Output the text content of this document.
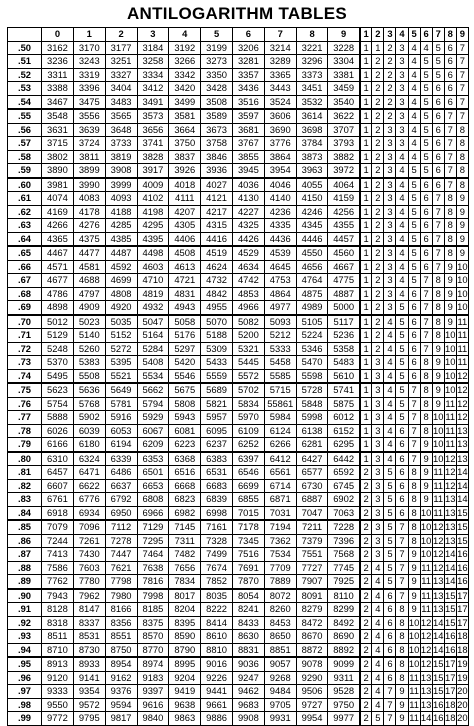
ANTILOGARITHM TABLES
	0	1	2	3	4	5	6	7	8	9	1	2	3	4	5	6	7	8	9
.50	3162	3170	3177	3184	3192	3199	3206	3214	3221	3228	1	1	2	3	4	4	5	6	7
.51	3236	3243	3251	3258	3266	3273	3281	3289	3296	3304	1	2	2	3	4	5	5	6	7
.52	3311	3319	3327	3334	3342	3350	3357	3365	3373	3381	1	2	2	3	4	5	5	6	7
.53	3388	3396	3404	3412	3420	3428	3436	3443	3451	3459	1	2	2	3	4	5	6	6	7
.54	3467	3475	3483	3491	3499	3508	3516	3524	3532	3540	1	2	2	3	4	5	6	6	7
.55	3548	3556	3565	3573	3581	3589	3597	3606	3614	3622	1	2	2	3	4	5	6	7	7
.56	3631	3639	3648	3656	3664	3673	3681	3690	3698	3707	1	2	3	3	4	5	6	7	8
.57	3715	3724	3733	3741	3750	3758	3767	3776	3784	3793	1	2	3	3	4	5	6	7	8
.58	3802	3811	3819	3828	3837	3846	3855	3864	3873	3882	1	2	3	4	4	5	6	7	8
.59	3890	3899	3908	3917	3926	3936	3945	3954	3963	3972	1	2	3	4	5	5	6	7	8
.60	3981	3990	3999	4009	4018	4027	4036	4046	4055	4064	1	2	3	4	5	6	6	7	8
.61	4074	4083	4093	4102	4111	4121	4130	4140	4150	4159	1	2	3	4	5	6	7	8	9
.62	4169	4178	4188	4198	4207	4217	4227	4236	4246	4256	1	2	3	4	5	6	7	8	9
.63	4266	4276	4285	4295	4305	4315	4325	4335	4345	4355	1	2	3	4	5	6	7	8	9
.64	4365	4375	4385	4395	4406	4416	4426	4436	4446	4457	1	2	3	4	5	6	7	8	9
.65	4467	4477	4487	4498	4508	4519	4529	4539	4550	4560	1	2	3	4	5	6	7	8	9
.66	4571	4581	4592	4603	4613	4624	4634	4645	4656	4667	1	2	3	4	5	6	7	9	10
.67	4677	4688	4699	4710	4721	4732	4742	4753	4764	4775	1	2	3	4	5	7	8	9	10
.68	4786	4797	4808	4819	4831	4842	4853	4864	4875	4887	1	2	3	4	6	7	8	9	10
.69	4898	4909	4920	4932	4943	4955	4966	4977	4989	5000	1	2	3	5	6	7	8	9	10
.70	5012	5023	5035	5047	5058	5070	5082	5093	5105	5117	1	2	4	5	6	7	8	9	11
.71	5129	5140	5152	5164	5176	5188	5200	5212	5224	5236	1	2	4	5	6	7	8	10	11
.72	5248	5260	5272	5284	5297	5309	5321	5333	5346	5358	1	2	4	5	6	7	9	10	11
.73	5370	5383	5395	5408	5420	5433	5445	5458	5470	5483	1	3	4	5	6	8	9	10	11
.74	5495	5508	5521	5534	5546	5559	5572	5585	5598	5610	1	3	4	5	6	8	9	10	12
.75	5623	5636	5649	5662	5675	5689	5702	5715	5728	5741	1	3	4	5	7	8	9	10	12
.76	5754	5768	5781	5794	5808	5821	5834	55861	5848	5875	1	3	4	5	7	8	9	11	12
.77	5888	5902	5916	5929	5943	5957	5970	5984	5998	6012	1	3	4	5	7	8	10	11	12
.78	6026	6039	6053	6067	6081	6095	6109	6124	6138	6152	1	3	4	6	7	8	10	11	13
.79	6166	6180	6194	6209	6223	6237	6252	6266	6281	6295	1	3	4	6	7	9	10	11	13
.80	6310	6324	6339	6353	6368	6383	6397	6412	6427	6442	1	3	4	6	7	9	10	12	13
.81	6457	6471	6486	6501	6516	6531	6546	6561	6577	6592	2	3	5	6	8	9	11	12	14
.82	6607	6622	6637	6653	6668	6683	6699	6714	6730	6745	2	3	5	6	8	9	11	12	14
.83	6761	6776	6792	6808	6823	6839	6855	6871	6887	6902	2	3	5	6	8	9	11	13	14
.84	6918	6934	6950	6966	6982	6998	7015	7031	7047	7063	2	3	5	6	8	10	11	13	15
.85	7079	7096	7112	7129	7145	7161	7178	7194	7211	7228	2	3	5	7	8	10	12	13	15
.86	7244	7261	7278	7295	7311	7328	7345	7362	7379	7396	2	3	5	7	8	10	12	13	15
.87	7413	7430	7447	7464	7482	7499	7516	7534	7551	7568	2	3	5	7	9	10	12	14	16
.88	7586	7603	7621	7638	7656	7674	7691	7709	7727	7745	2	4	5	7	9	11	12	14	16
.89	7762	7780	7798	7816	7834	7852	7870	7889	7907	7925	2	4	5	7	9	11	13	14	16
.90	7943	7962	7980	7998	8017	8035	8054	8072	8091	8110	2	4	6	7	9	11	13	15	17
.91	8128	8147	8166	8185	8204	8222	8241	8260	8279	8299	2	4	6	8	9	11	13	15	17
.92	8318	8337	8356	8375	8395	8414	8433	8453	8472	8492	2	4	6	8	10	12	14	15	17
.93	8511	8531	8551	8570	8590	8610	8630	8650	8670	8690	2	4	6	8	10	12	14	16	18
.94	8710	8730	8750	8770	8790	8810	8831	8851	8872	8892	2	4	6	8	10	12	14	16	18
.95	8913	8933	8954	8974	8995	9016	9036	9057	9078	9099	2	4	6	8	10	12	15	17	19
.96	9120	9141	9162	9183	9204	9226	9247	9268	9290	9311	2	4	6	8	11	13	15	17	19
.97	9333	9354	9376	9397	9419	9441	9462	9484	9506	9528	2	4	7	9	11	13	15	17	20
.98	9550	9572	9594	9616	9638	9661	9683	9705	9727	9750	2	4	7	9	11	13	16	18	20
.99	9772	9795	9817	9840	9863	9886	9908	9931	9954	9977	2	5	7	9	11	14	16	18	20
